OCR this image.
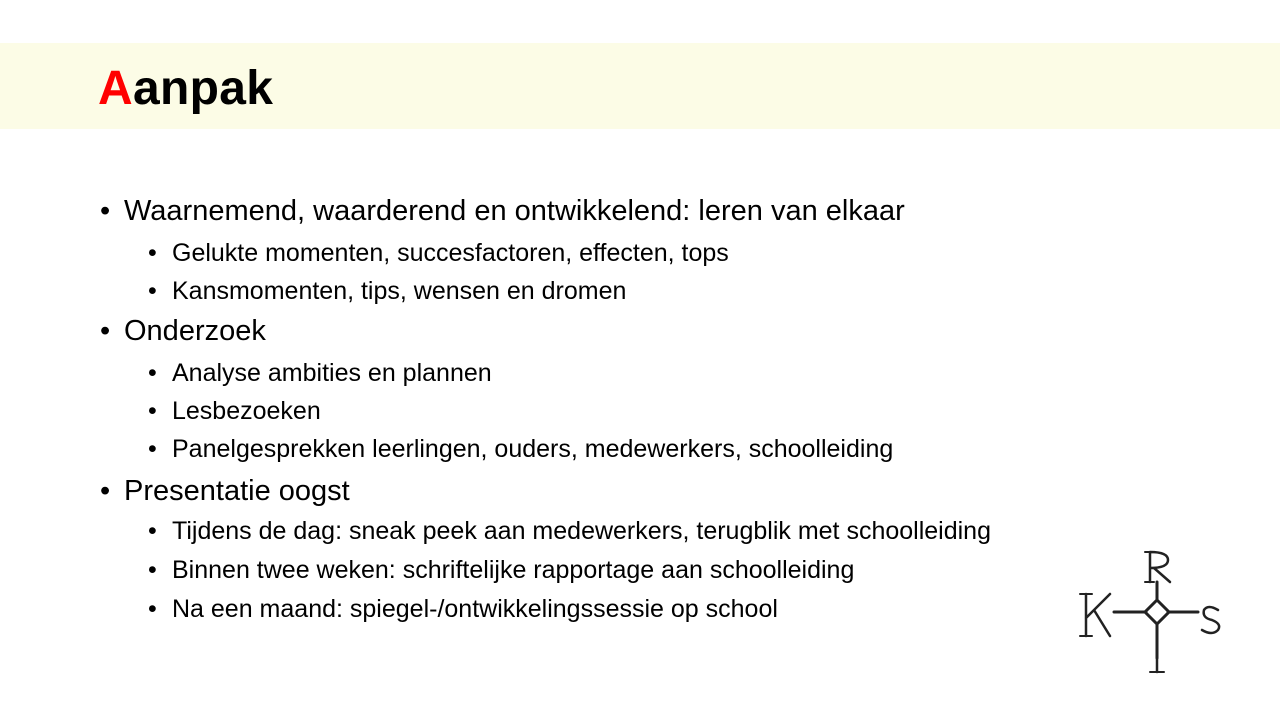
Aanpak
• Waarnemend, waarderend en ontwikkelend: leren van elkaar
• Gelukte momenten, succesfactoren, effecten, tops
• Kansmomenten, tips, wensen en dromen
• Onderzoek
• Analyse ambities en plannen
• Lesbezoeken
• Panelgesprekken leerlingen, ouders, medewerkers, schoolleiding
• Presentatie oogst
• Tijdens de dag: sneak peek aan medewerkers, terugblik met schoolleiding
• Binnen twee weken: schriftelijke rapportage aan schoolleiding
• Na een maand: spiegel-/ontwikkelingssessie op school
